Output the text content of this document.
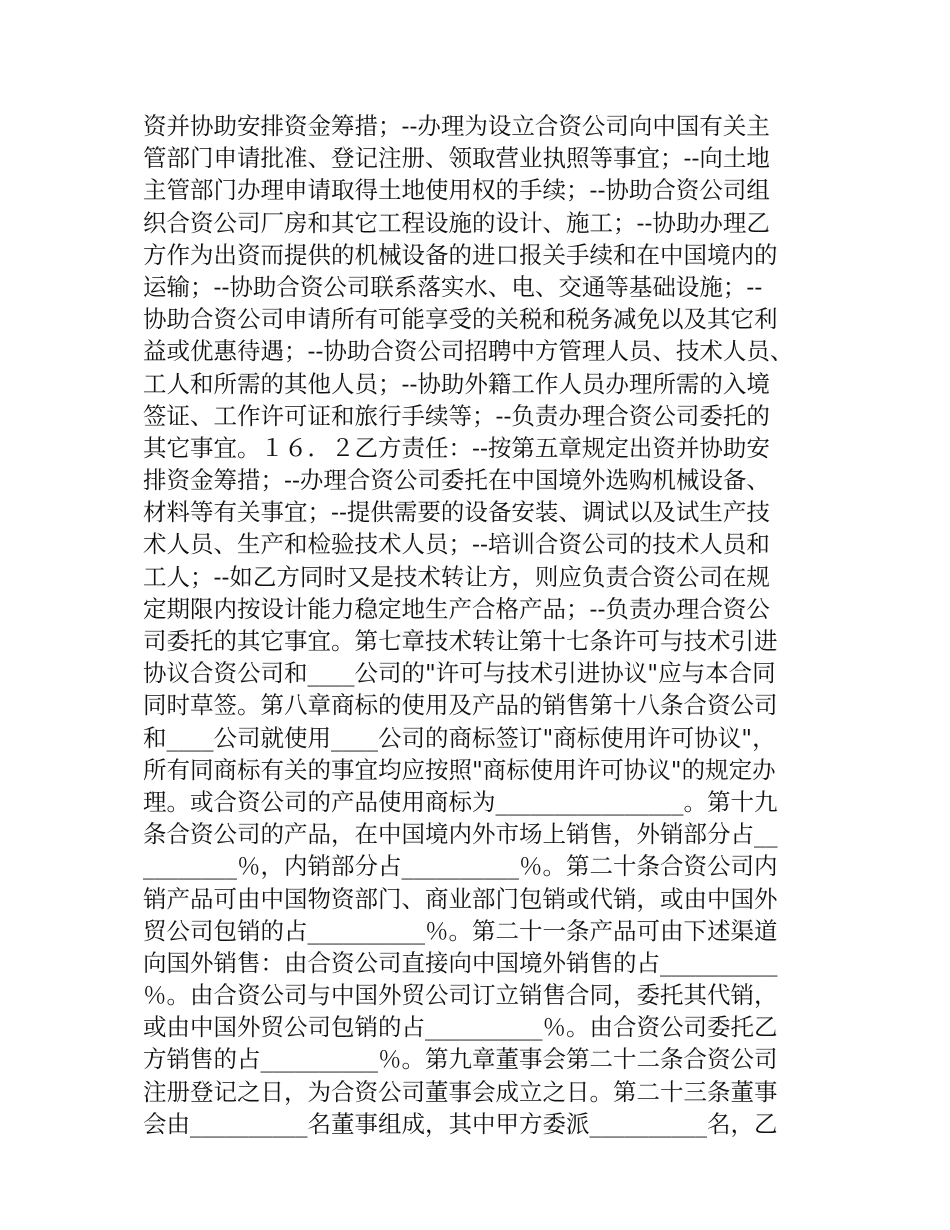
资并协助安排资金筹措；--办理为设立合资公司向中国有关主
管部门申请批准、登记注册、领取营业执照等事宜；--向土地
主管部门办理申请取得土地使用权的手续；--协助合资公司组
织合资公司厂房和其它工程设施的设计、施工；--协助办理乙
方作为出资而提供的机械设备的进口报关手续和在中国境内的
运输；--协助合资公司联系落实水、电、交通等基础设施；--
协助合资公司申请所有可能享受的关税和税务减免以及其它利
益或优惠待遇；--协助合资公司招聘中方管理人员、技术人员、
工人和所需的其他人员；--协助外籍工作人员办理所需的入境
签证、工作许可证和旅行手续等；--负责办理合资公司委托的
其它事宜。１６．２乙方责任：--按第五章规定出资并协助安
排资金筹措；--办理合资公司委托在中国境外选购机械设备、
材料等有关事宜；--提供需要的设备安装、调试以及试生产技
术人员、生产和检验技术人员；--培训合资公司的技术人员和
工人；--如乙方同时又是技术转让方，则应负责合资公司在规
定期限内按设计能力稳定地生产合格产品；--负责办理合资公
司委托的其它事宜。第七章技术转让第十七条许可与技术引进
协议合资公司和____公司的"许可与技术引进协议"应与本合同
同时草签。第八章商标的使用及产品的销售第十八条合资公司
和____公司就使用____公司的商标签订"商标使用许可协议"，
所有同商标有关的事宜均应按照"商标使用许可协议"的规定办
理。或合资公司的产品使用商标为________________。第十九
条合资公司的产品，在中国境内外市场上销售，外销部分占__
________％，内销部分占__________％。第二十条合资公司内
销产品可由中国物资部门、商业部门包销或代销，或由中国外
贸公司包销的占__________％。第二十一条产品可由下述渠道
向国外销售：由合资公司直接向中国境外销售的占__________
％。由合资公司与中国外贸公司订立销售合同，委托其代销，
或由中国外贸公司包销的占__________％。由合资公司委托乙
方销售的占__________％。第九章董事会第二十二条合资公司
注册登记之日，为合资公司董事会成立之日。第二十三条董事
会由__________名董事组成，其中甲方委派__________名，乙
